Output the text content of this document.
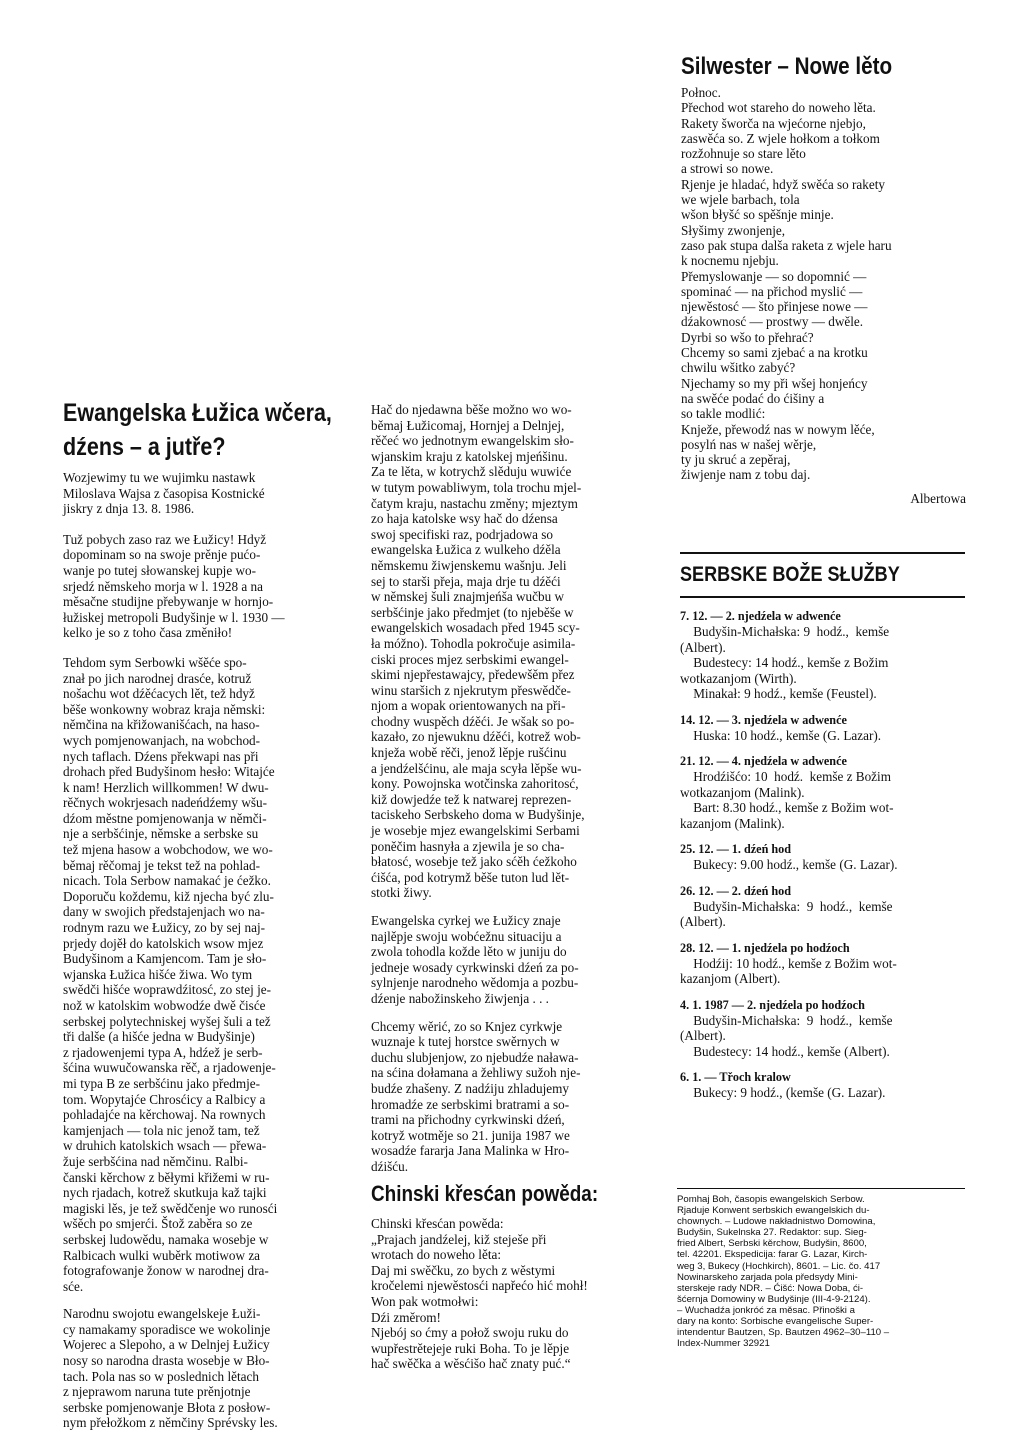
Ewangelska Łužica wčera,
dźens – a jutře?

Wozjewimy tu we wujimku nastawk
Miloslava Wajsa z časopisa Kostnické
jiskry z dnja 13. 8. 1986.

Tuž pobych zaso raz we Łužicy! Hdyž
dopominam so na swoje prěnje pućo-
wanje po tutej słowanskej kupje wo-
srjedź němskeho morja w l. 1928 a na
měsačne studijne přebywanje w hornjo-
łužiskej metropoli Budyšinje w l. 1930 —
kelko je so z toho časa změniło!

Tehdom sym Serbowki wšěće spo-
znał po jich narodnej drasće, kotruž
nošachu wot dźěćacych lět, tež hdyž
běše wonkowny wobraz kraja němski:
němčina na křižowanišćach, na haso-
wych pomjenowanjach, na wobchod-
nych taflach. Dźens překwapi nas při
drohach před Budyšinom hesło: Witajće
k nam! Herzlich willkommen! W dwu-
rěčnych wokrjesach nadeńdźemy wšu-
dźom městne pomjenowanja w němči-
nje a serbšćinje, němske a serbske su
tež mjena hasow a wobchodow, we wo-
běmaj rěčomaj je tekst tež na pohlad-
nicach. Tola Serbow namakać je ćežko.
Doporuču koždemu, kiž njecha być zlu-
dany w swojich předstajenjach wo na-
rodnym razu we Łužicy, zo by sej naj-
prjedy dojěł do katolskich wsow mjez
Budyšinom a Kamjencom. Tam je sło-
wjanska Łužica hišće žiwa. Wo tym
swědči hišće woprawdźitosć, zo stej je-
nož w katolskim wobwodźe dwě čisće
serbskej polytechniskej wyšej šuli a tež
tři dalše (a hišće jedna w Budyšinje)
z rjadowenjemi typa A, hdźež je serb-
šćina wuwučowanska rěč, a rjadowenje-
mi typa B ze serbšćinu jako předmje-
tom. Wopytajće Chrosćicy a Ralbicy a
pohladajće na kěrchowaj. Na rownych
kamjenjach — tola nic jenož tam, tež
w druhich katolskich wsach — přewa-
žuje serbšćina nad němčinu. Ralbi-
čanski kěrchow z běłymi křižemi w ru-
nych rjadach, kotrež skutkuja kaž tajki
magiski lěs, je tež swědčenje wo runosći
wšěch po smjerći. Štož zaběra so ze
serbskej ludowědu, namaka wosebje w
Ralbicach wulki wuběrk motiwow za
fotografowanje žonow w narodnej dra-
sće.

Narodnu swojotu ewangelskeje Łuži-
cy namakamy sporadisce we wokolinje
Wojerec a Slepoho, a w Delnjej Łužicy
nosy so narodna drasta wosebje w Bło-
tach. Pola nas so w poslednich lětach
z njeprawom naruna tute prěnjotnje
serbske pomjenowanje Błota z posłow-
nym přełožkom z němčiny Sprévsky les.

Hač do njedawna běše možno wo wo-
běmaj Łužicomaj, Hornjej a Delnjej,
rěčeć wo jednotnym ewangelskim sło-
wjanskim kraju z katolskej mjeńšinu.
Za te lěta, w kotrychž slěduju wuwiće
w tutym powabliwym, tola trochu mjel-
čatym kraju, nastachu změny; mjeztym
zo haja katolske wsy hač do dźensa
swoj specifiski raz, podrjadowa so
ewangelska Łužica z wulkeho dźěla
němskemu žiwjenskemu wašnju. Jeli
sej to starši přeja, maja drje tu dźěći
w němskej šuli znajmjeńša wučbu w
serbšćinje jako předmjet (to njeběše w
ewangelskich wosadach před 1945 scy-
ła móžno). Tohodla pokročuje asimila-
ciski proces mjez serbskimi ewangel-
skimi njepřestawajcy, předewšěm přez
winu staršich z njekrutym přeswědče-
njom a wopak orientowanych na při-
chodny wuspěch dźěći. Je wšak so po-
kazało, zo njewuknu dźěći, kotrež wob-
knježa wobě rěči, jenož lěpje rušćinu
a jendźelšćinu, ale maja scyła lěpše wu-
kony. Powojnska wotčinska zahoritosć,
kiž dowjedźe tež k natwarej reprezen-
taciskeho Serbskeho doma w Budyšinje,
je wosebje mjez ewangelskimi Serbami
poněčim hasnyła a zjewila je so cha-
błatosć, wosebje tež jako sćěh ćežkoho
ćišća, pod kotrymž běše tuton lud lět-
stotki žiwy.

Ewangelska cyrkej we Łužicy znaje
najlěpje swoju wobćežnu situaciju a
zwola tohodla kožde lěto w juniju do
jedneje wosady cyrkwinski dźeń za po-
sylnjenje narodneho wědomja a pozbu-
dźenje nabožinskeho žiwjenja . . .

Chcemy wěrić, zo so Knjez cyrkwje
wuznaje k tutej horstce swěrnych w
duchu slubjenjow, zo njebudźe naława-
na sćina dołamana a žehliwy sužoh nje-
budźe zhašeny. Z nadźiju zhladujemy
hromadźe ze serbskimi bratrami a so-
trami na přichodny cyrkwinski dźeń,
kotryž wotměje so 21. junija 1987 we
wosadźe fararja Jana Malinka w Hro-
dźišću.

Chinski křesćan powěda:

Chinski křesćan powěda:
„Prajach jandźelej, kiž steješe při
wrotach do noweho lěta:
Daj mi swěčku, zo bych z wěstymi
kročelemi njewěstosći napřećo hić mohł!
Won pak wotmołwi:
Dźi změrom!
Njebój so ćmy a połož swoju ruku do
wupřestrětejeje ruki Boha. To je lěpje
hač swěčka a wěsćišo hač znaty puć.“

Silwester – Nowe lěto

Połnoc.
Přechod wot stareho do noweho lěta.
Rakety šworča na wjećorne njebjo,
zaswěća so. Z wjele hołkom a tołkom
rozžohnuje so stare lěto
a strowi so nowe.
Rjenje je hladać, hdyž swěća so rakety
we wjele barbach, tola
wšon błyšć so spěšnje minje.
Słyšimy zwonjenje,
zaso pak stupa dalša raketa z wjele haru
k nocnemu njebju.
Přemyslowanje — so dopomnić —
spominać — na přichod myslić —
njewěstosć — što přinjese nowe —
dźakownosć — prostwy — dwěle.
Dyrbi so wšo to přehrać?
Chcemy so sami zjebać a na krotku
chwilu wšitko zabyć?
Njechamy so my při wšej honjeńcy
na swěće podać do ćišiny a
so takle modlić:
Knježe, přewodź nas w nowym lěće,
posylń nas w našej wěrje,
ty ju skruć a zepěraj,
žiwjenje nam z tobu daj.

Albertowa

SERBSKE BOŽE SŁUŽBY

7. 12. — 2. njedźela w adwenće

Budyšin-Michałska: 9  hodź.,  kemše

(Albert).

Budestecy: 14 hodź., kemše z Božim

wotkazanjom (Wirth).

Minakał: 9 hodź., kemše (Feustel).

14. 12. — 3. njedźela w adwenće

Huska: 10 hodź., kemše (G. Lazar).

21. 12. — 4. njedźela w adwenće

Hrodźišćo: 10  hodź.  kemše z Božim

wotkazanjom (Malink).

Bart: 8.30 hodź., kemše z Božim wot-

kazanjom (Malink).

25. 12. — 1. dźeń hod

Bukecy: 9.00 hodź., kemše (G. Lazar).

26. 12. — 2. dźeń hod

Budyšin-Michałska:  9  hodź.,  kemše

(Albert).

28. 12. — 1. njedźela po hodźoch

Hodźij: 10 hodź., kemše z Božim wot-

kazanjom (Albert).

4. 1. 1987 — 2. njedźela po hodźoch

Budyšin-Michałska:  9  hodź.,  kemše

(Albert).

Budestecy: 14 hodź., kemše (Albert).

6. 1. — Třoch kralow

Bukecy: 9 hodź., (kemše (G. Lazar).

Pomhaj Boh, časopis ewangelskich Serbow.
Rjaduje Konwent serbskich ewangelskich du-
chownych. – Ludowe nakładnistwo Domowina,
Budyšin, Sukelnska 27. Redaktor: sup. Sieg-
fried Albert, Serbski kěrchow, Budyšin, 8600,
tel. 42201. Ekspedicija: farar G. Lazar, Kirch-
weg 3, Bukecy (Hochkirch), 8601. – Lic. čo. 417
Nowinarskeho zarjada pola předsydy Mini-
sterskeje rady NDR. – Ćišć: Nowa Doba, ći-
šćernja Domowiny w Budyšinje (III-4-9-2124).
– Wuchadźa jonkróć za měsac. Přinoški a
dary na konto: Sorbische evangelische Super-
intendentur Bautzen, Sp. Bautzen 4962–30–110 –
Index-Nummer 32921
